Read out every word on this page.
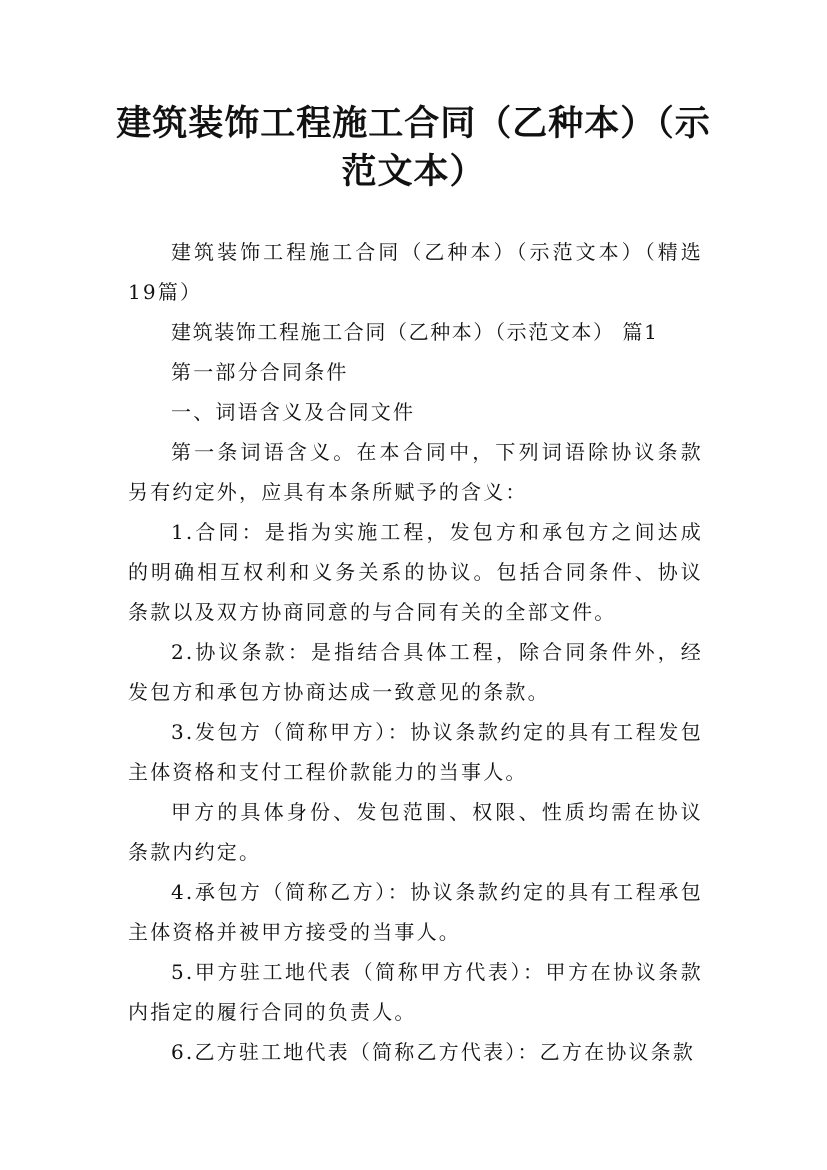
建筑装饰工程施工合同（乙种本）（示范文本）

建筑装饰工程施工合同（乙种本）（示范文本）（精选19篇）

建筑装饰工程施工合同（乙种本）（示范文本） 篇1

第一部分合同条件

一、词语含义及合同文件

第一条词语含义。在本合同中，下列词语除协议条款另有约定外，应具有本条所赋予的含义：

1.合同：是指为实施工程，发包方和承包方之间达成的明确相互权利和义务关系的协议。包括合同条件、协议条款以及双方协商同意的与合同有关的全部文件。

2.协议条款：是指结合具体工程，除合同条件外，经发包方和承包方协商达成一致意见的条款。

3.发包方（简称甲方）：协议条款约定的具有工程发包主体资格和支付工程价款能力的当事人。

甲方的具体身份、发包范围、权限、性质均需在协议条款内约定。

4.承包方（简称乙方）：协议条款约定的具有工程承包主体资格并被甲方接受的当事人。

5.甲方驻工地代表（简称甲方代表）：甲方在协议条款内指定的履行合同的负责人。

6.乙方驻工地代表（简称乙方代表）：乙方在协议条款
